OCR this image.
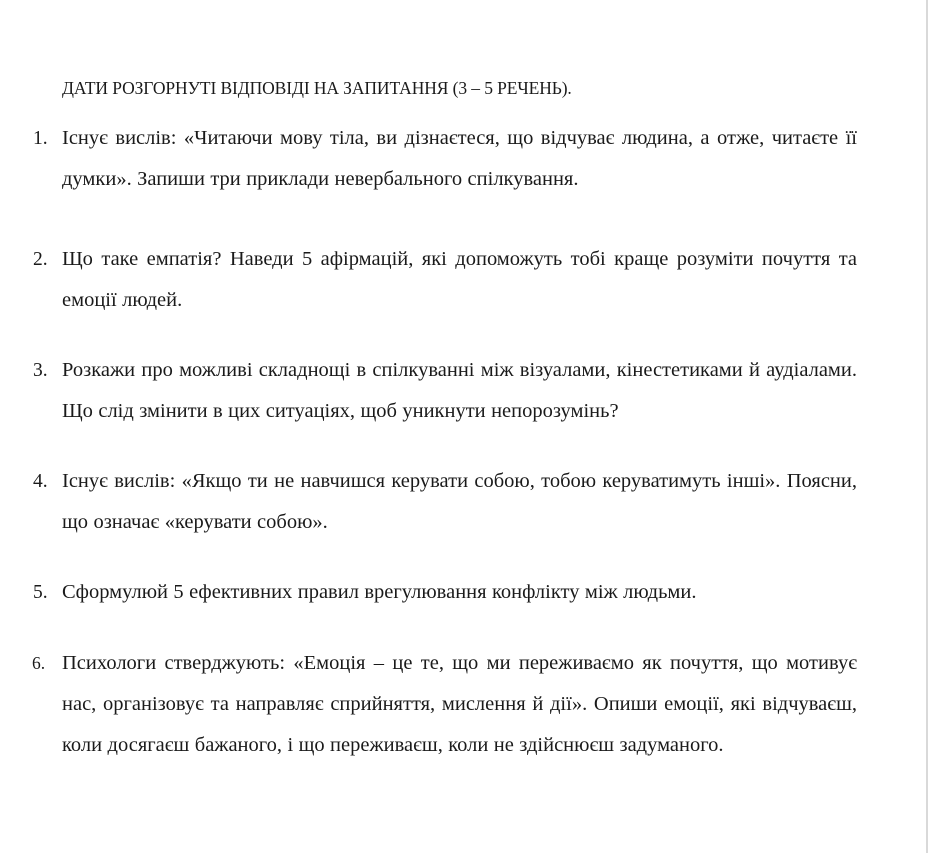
ДАТИ РОЗГОРНУТІ ВІДПОВІДІ НА ЗАПИТАННЯ (3 – 5 РЕЧЕНЬ).
1. Існує вислів: «Читаючи мову тіла, ви дізнаєтеся, що відчуває людина, а отже, читаєте її думки». Запиши три приклади невербального спілкування.
2. Що таке емпатія? Наведи 5 афірмацій, які допоможуть тобі краще розуміти почуття та емоції людей.
3. Розкажи про можливі складнощі в спілкуванні між візуалами, кінестетиками й аудіалами. Що слід змінити в цих ситуаціях, щоб уникнути непорозумінь?
4. Існує вислів: «Якщо ти не навчишся керувати собою, тобою керуватимуть інші». Поясни, що означає «керувати собою».
5. Сформулюй 5 ефективних правил врегулювання конфлікту між людьми.
6. Психологи стверджують: «Емоція – це те, що ми переживаємо як почуття, що мотивує нас, організовує та направляє сприйняття, мислення й дії». Опиши емоції, які відчуваєш, коли досягаєш бажаного, і що переживаєш, коли не здійснюєш задуманого.
